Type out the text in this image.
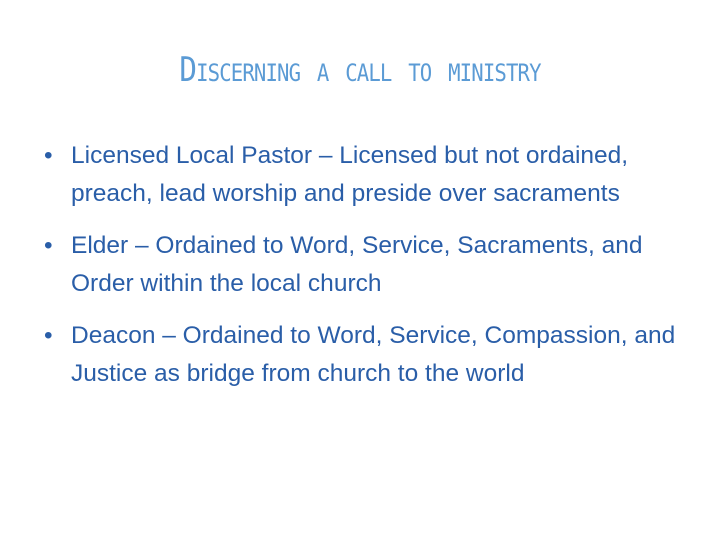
Discerning a call to ministry
• Licensed Local Pastor – Licensed but not ordained, preach, lead worship and preside over sacraments
• Elder – Ordained to Word, Service, Sacraments, and Order within the local church
• Deacon – Ordained to Word, Service, Compassion, and Justice as bridge from church to the world
